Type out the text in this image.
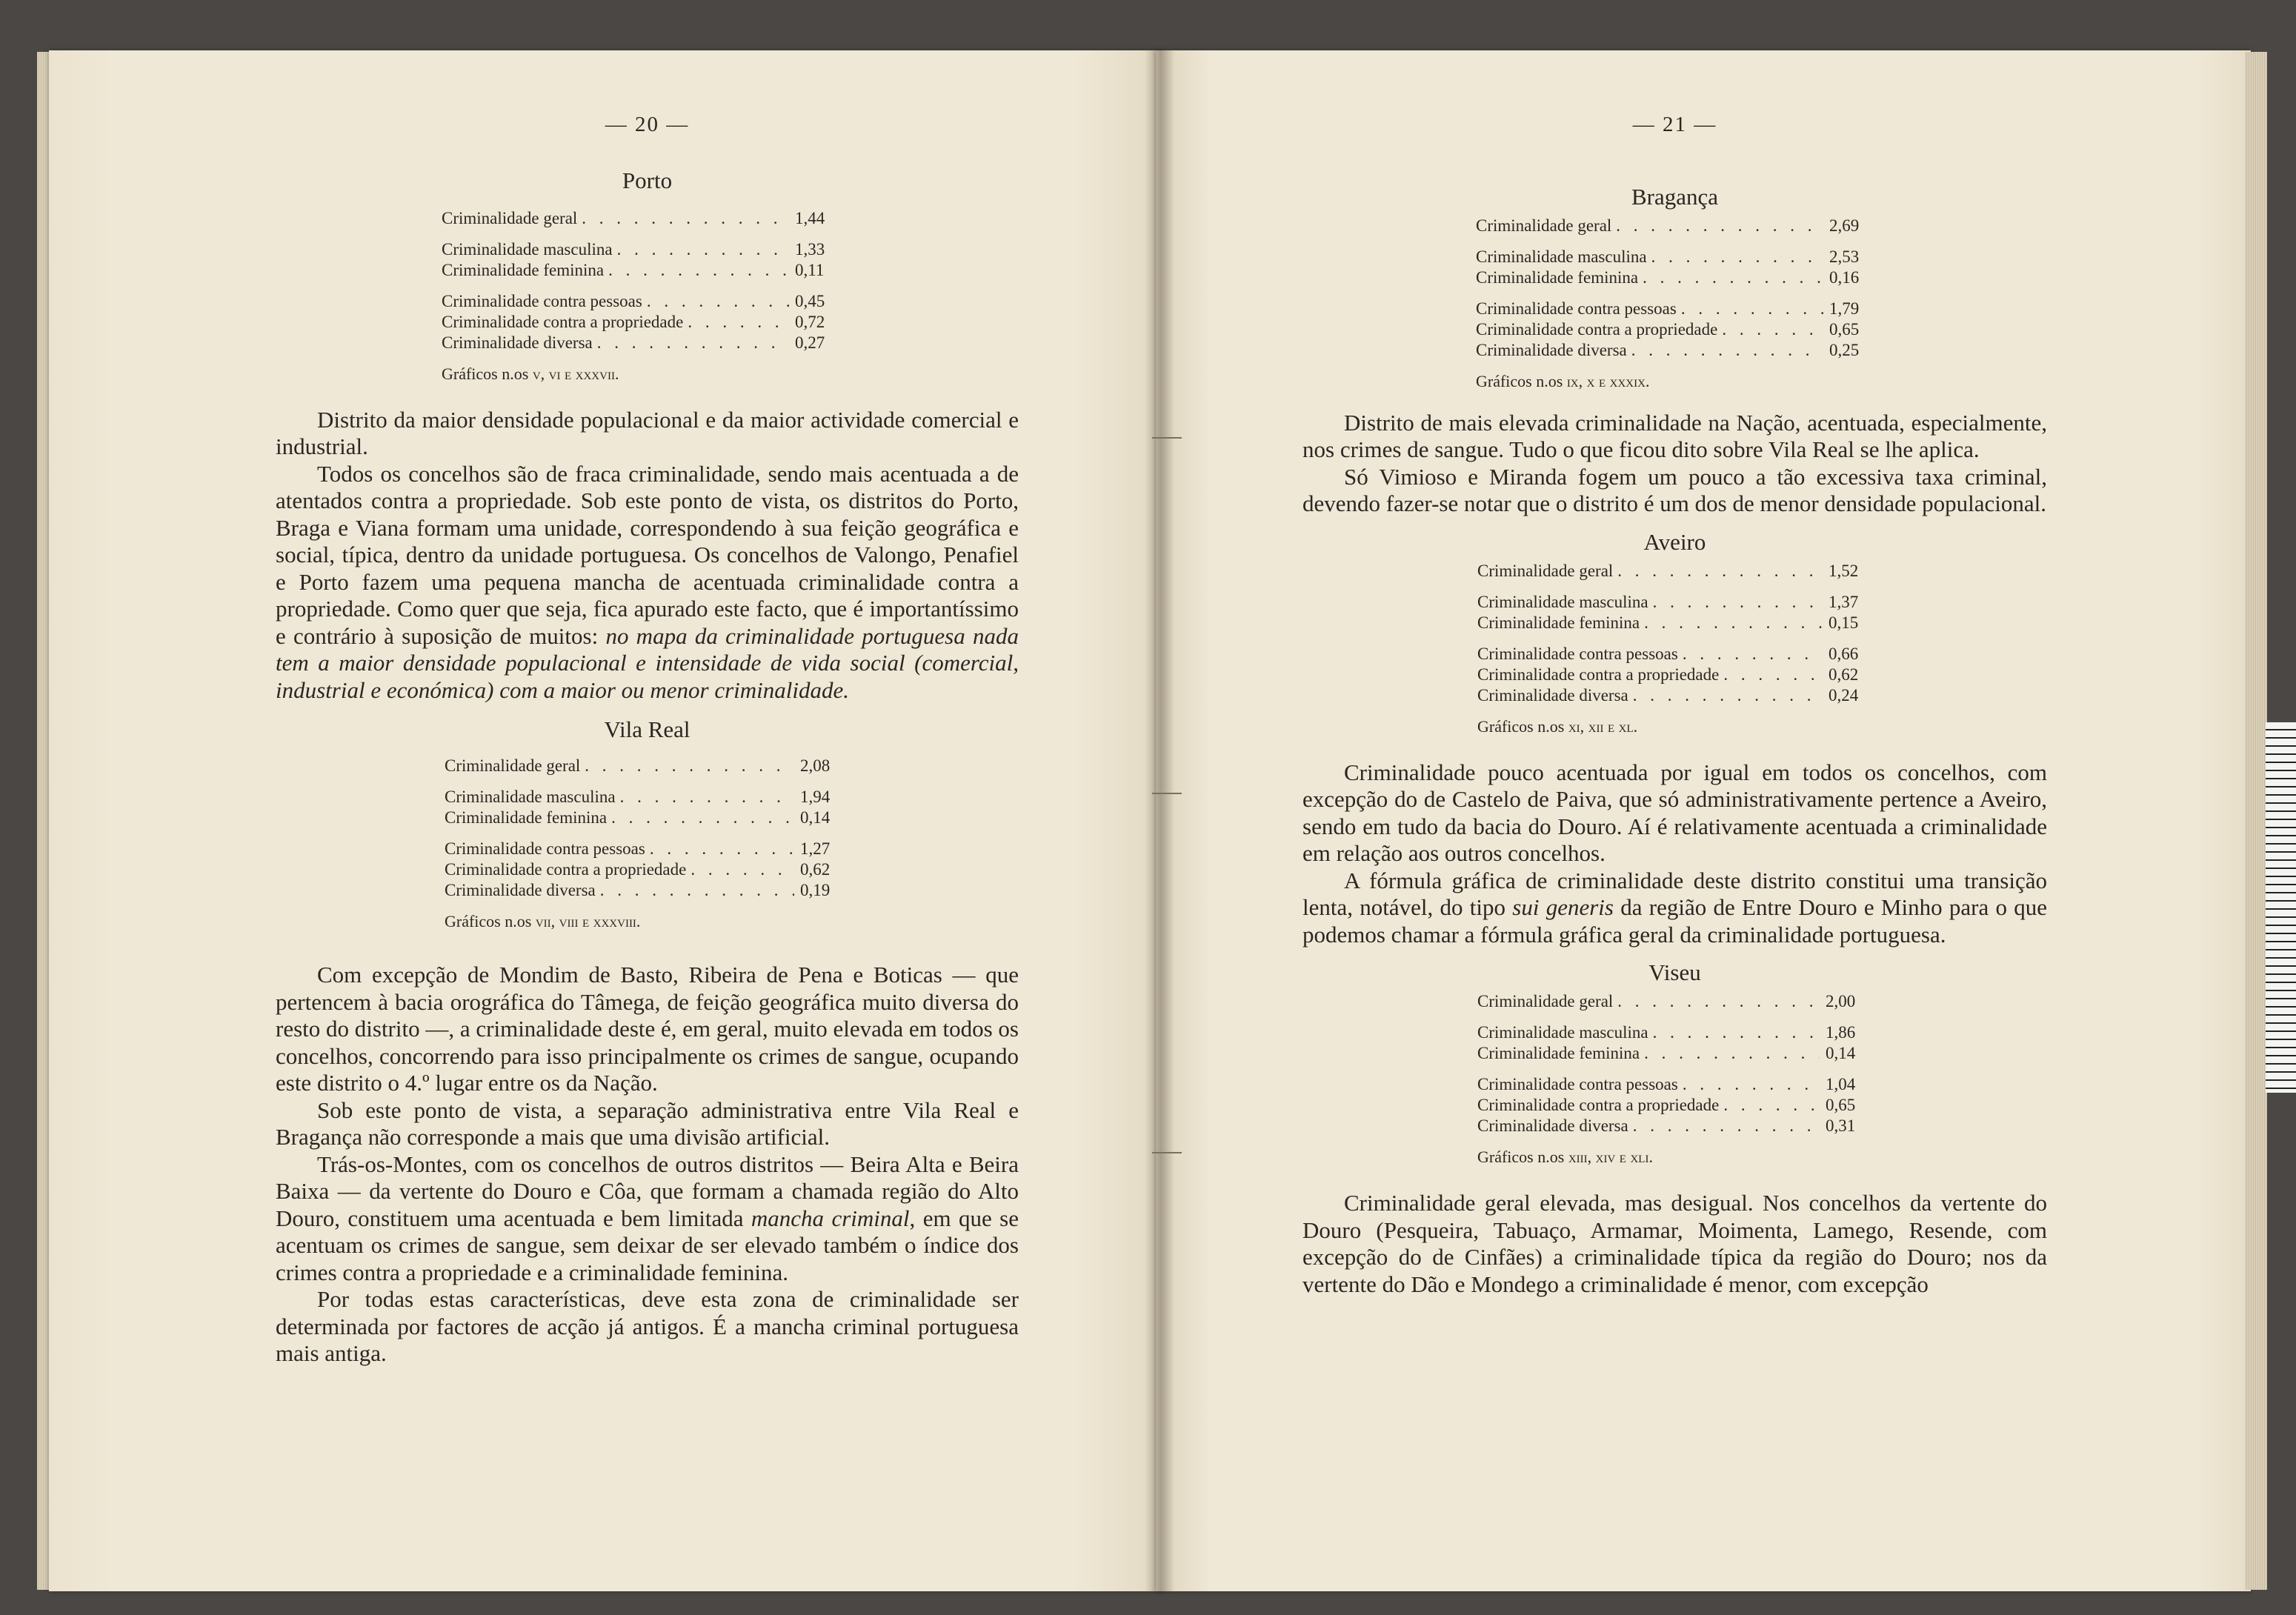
— 20 —

Porto
Criminalidade geral . . .	1,44
Criminalidade masculina . . .	1,33
Criminalidade feminina . . .	0,11
Criminalidade contra pessoas . . .	0,45
Criminalidade contra a propriedade . . .	0,72
Criminalidade diversa . . .	0,27

Gráficos n.os v, vi e xxxvii.

Distrito da maior densidade populacional e da maior actividade comercial e industrial.

Todos os concelhos são de fraca criminalidade, sendo mais acentuada a de atentados contra a propriedade. Sob este ponto de vista, os distritos do Porto, Braga e Viana formam uma unidade, correspondendo à sua feição geográfica e social, típica, dentro da unidade portuguesa. Os concelhos de Valongo, Penafiel e Porto fazem uma pequena mancha de acentuada criminalidade contra a propriedade. Como quer que seja, fica apurado este facto, que é importantíssimo e contrário à suposição de muitos: no mapa da criminalidade portuguesa nada tem a maior densidade populacional e intensidade de vida social (comercial, industrial e económica) com a maior ou menor criminalidade.

Vila Real
Criminalidade geral . . .	2,08
Criminalidade masculina . . .	1,94
Criminalidade feminina . . .	0,14
Criminalidade contra pessoas . . .	1,27
Criminalidade contra a propriedade . . .	0,62
Criminalidade diversa . . .	0,19

Gráficos n.os vii, viii e xxxviii.

Com excepção de Mondim de Basto, Ribeira de Pena e Boticas — que pertencem à bacia orográfica do Tâmega, de feição geográfica muito diversa do resto do distrito —, a criminalidade deste é, em geral, muito elevada em todos os concelhos, concorrendo para isso principalmente os crimes de sangue, ocupando este distrito o 4.º lugar entre os da Nação.

Sob este ponto de vista, a separação administrativa entre Vila Real e Bragança não corresponde a mais que uma divisão artificial.

Trás-os-Montes, com os concelhos de outros distritos — Beira Alta e Beira Baixa — da vertente do Douro e Côa, que formam a chamada região do Alto Douro, constituem uma acentuada e bem limitada mancha criminal, em que se acentuam os crimes de sangue, sem deixar de ser elevado também o índice dos crimes contra a propriedade e a criminalidade feminina.

Por todas estas características, deve esta zona de criminalidade ser determinada por factores de acção já antigos. É a mancha criminal portuguesa mais antiga.

— 21 —

Bragança
Criminalidade geral . . .	2,69
Criminalidade masculina . . .	2,53
Criminalidade feminina . . .	0,16
Criminalidade contra pessoas . . .	1,79
Criminalidade contra a propriedade . . .	0,65
Criminalidade diversa . . .	0,25

Gráficos n.os ix, x e xxxix.

Distrito de mais elevada criminalidade na Nação, acentuada, especialmente, nos crimes de sangue. Tudo o que ficou dito sobre Vila Real se lhe aplica.

Só Vimioso e Miranda fogem um pouco a tão excessiva taxa criminal, devendo fazer-se notar que o distrito é um dos de menor densidade populacional.

Aveiro
Criminalidade geral . . .	1,52
Criminalidade masculina . . .	1,37
Criminalidade feminina . . .	0,15
Criminalidade contra pessoas . . .	0,66
Criminalidade contra a propriedade . . .	0,62
Criminalidade diversa . . .	0,24

Gráficos n.os xi, xii e xl.

Criminalidade pouco acentuada por igual em todos os concelhos, com excepção do de Castelo de Paiva, que só administrativamente pertence a Aveiro, sendo em tudo da bacia do Douro. Aí é relativamente acentuada a criminalidade em relação aos outros concelhos.

A fórmula gráfica de criminalidade deste distrito constitui uma transição lenta, notável, do tipo sui generis da região de Entre Douro e Minho para o que podemos chamar a fórmula gráfica geral da criminalidade portuguesa.

Viseu
Criminalidade geral . . .	2,00
Criminalidade masculina . . .	1,86
Criminalidade feminina . . .	0,14
Criminalidade contra pessoas . . .	1,04
Criminalidade contra a propriedade . . .	0,65
Criminalidade diversa . . .	0,31

Gráficos n.os xiii, xiv e xli.

Criminalidade geral elevada, mas desigual. Nos concelhos da vertente do Douro (Pesqueira, Tabuaço, Armamar, Moimenta, Lamego, Resende, com excepção do de Cinfães) a criminalidade típica da região do Douro; nos da vertente do Dão e Mondego a criminalidade é menor, com excepção
